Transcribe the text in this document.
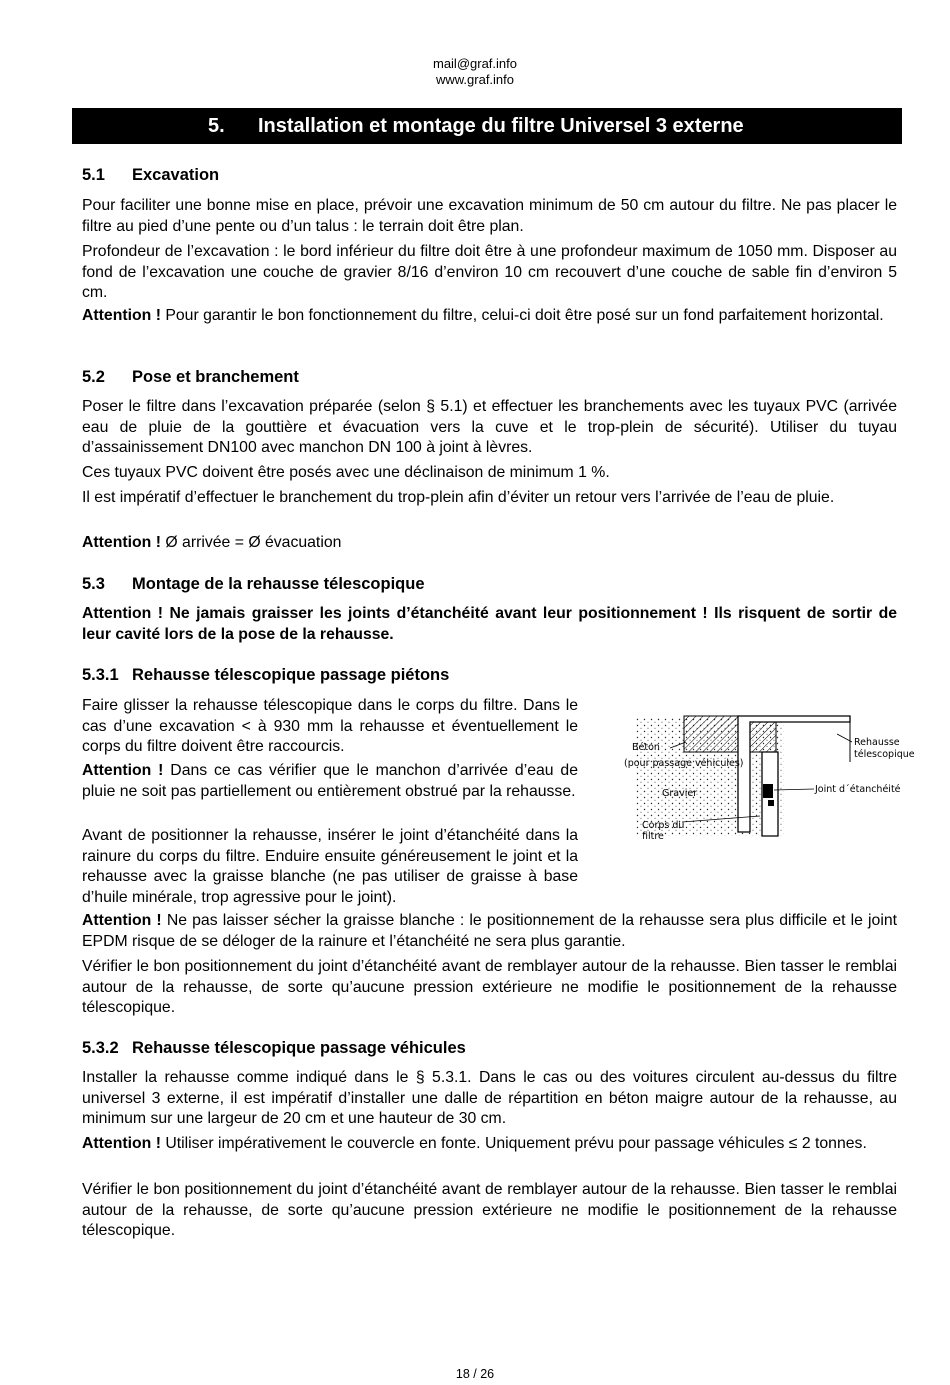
mail@graf.info
www.graf.info
5. Installation et montage du filtre Universel 3 externe
5.1 Excavation
Pour faciliter une bonne mise en place, prévoir une excavation minimum de 50 cm autour du filtre. Ne pas placer le filtre au pied d’une pente ou d’un talus : le terrain doit être plan.
Profondeur de l’excavation : le bord inférieur du filtre doit être à une profondeur maximum de 1050 mm. Disposer au fond de l’excavation une couche de gravier 8/16 d’environ 10 cm recouvert d’une couche de sable fin d’environ 5 cm.
Attention ! Pour garantir le bon fonctionnement du filtre, celui-ci doit être posé sur un fond parfaitement horizontal.
5.2 Pose et branchement
Poser le filtre dans l’excavation préparée (selon § 5.1) et effectuer les branchements avec les tuyaux PVC (arrivée eau de pluie de la gouttière et évacuation vers la cuve et le trop-plein de sécurité). Utiliser du tuyau d’assainissement DN100 avec manchon DN 100 à joint à lèvres.
Ces tuyaux PVC doivent être posés avec une déclinaison de minimum 1 %.
Il est impératif d’effectuer le branchement du trop-plein afin d’éviter un retour vers l’arrivée de l’eau de pluie.
Attention ! Ø arrivée = Ø évacuation
5.3 Montage de la rehausse télescopique
Attention ! Ne jamais graisser les joints d’étanchéité avant leur positionnement ! Ils risquent de sortir de leur cavité lors de la pose de la rehausse.
5.3.1 Rehausse télescopique passage piétons
Faire glisser la rehausse télescopique dans le corps du filtre. Dans le cas d’une excavation < à 930 mm la rehausse et éventuellement le corps du filtre doivent être raccourcis.
Attention ! Dans ce cas vérifier que le manchon d’arrivée d’eau de pluie ne soit pas partiellement ou entièrement obstrué par la rehausse.
Avant de positionner la rehausse, insérer le joint d’étanchéité dans la rainure du corps du filtre. Enduire ensuite généreusement le joint et la rehausse avec la graisse blanche (ne pas utiliser de graisse à base d’huile minérale, trop agressive pour le joint).
Attention ! Ne pas laisser sécher la graisse blanche : le positionnement de la rehausse sera plus difficile et le joint EPDM risque de se déloger de la rainure et l’étanchéité ne sera plus garantie.
Vérifier le bon positionnement du joint d’étanchéité avant de remblayer autour de la rehausse. Bien tasser le remblai autour de la rehausse, de sorte qu’aucune pression extérieure ne modifie le positionnement de la rehausse télescopique.
Béton
(pour passage véhicules)
Gravier
Corps du
filtre
Rehausse
télescopique
Joint d´étanchéité
5.3.2 Rehausse télescopique passage véhicules
Installer la rehausse comme indiqué dans le § 5.3.1. Dans le cas ou des voitures circulent au-dessus du filtre universel 3 externe, il est impératif d’installer une dalle de répartition en béton maigre autour de la rehausse, au minimum sur une largeur de 20 cm et une hauteur de 30 cm.
Attention ! Utiliser impérativement le couvercle en fonte. Uniquement prévu pour passage véhicules ≤ 2 tonnes.
Vérifier le bon positionnement du joint d’étanchéité avant de remblayer autour de la rehausse. Bien tasser le remblai autour de la rehausse, de sorte qu’aucune pression extérieure ne modifie le positionnement de la rehausse télescopique.
18 / 26
